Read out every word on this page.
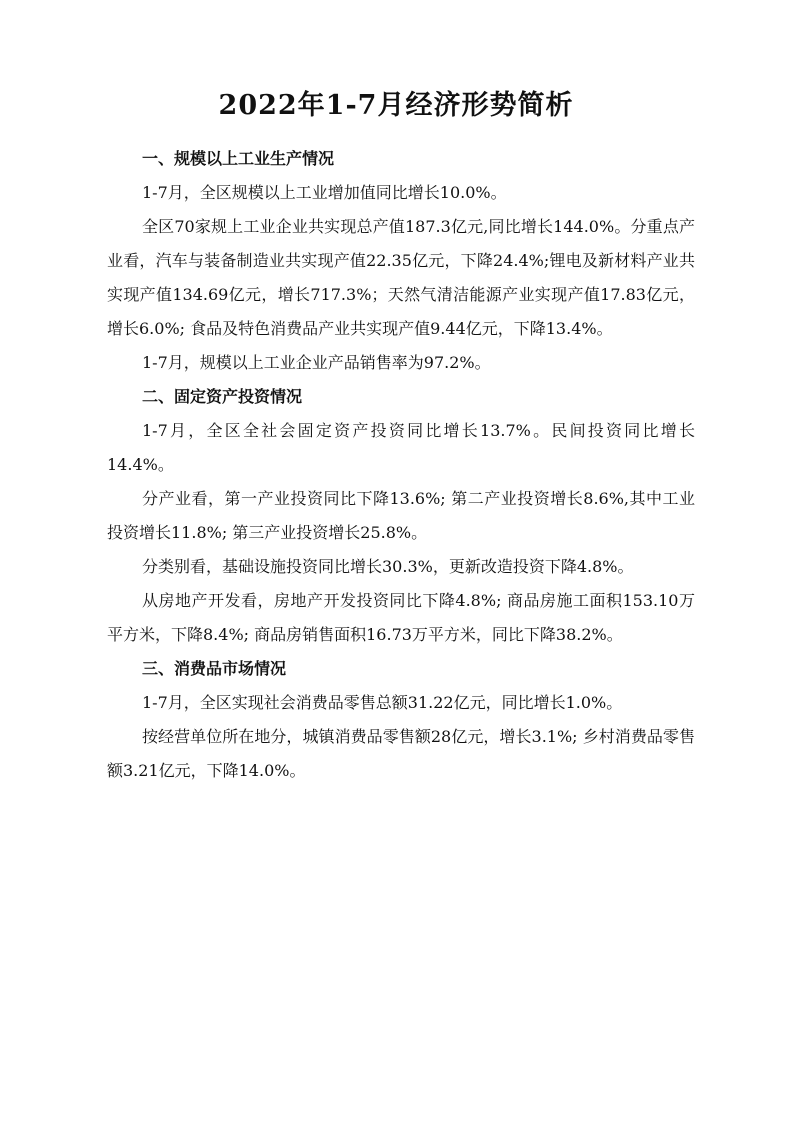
2022年1-7月经济形势简析

一、规模以上工业生产情况

1-7月，全区规模以上工业增加值同比增长10.0%。

全区70家规上工业企业共实现总产值187.3亿元,同比增长144.0%。分重点产业看，汽车与装备制造业共实现产值22.35亿元，下降24.4%;锂电及新材料产业共实现产值134.69亿元，增长717.3%；天然气清洁能源产业实现产值17.83亿元，增长6.0%; 食品及特色消费品产业共实现产值9.44亿元，下降13.4%。

1-7月，规模以上工业企业产品销售率为97.2%。

二、固定资产投资情况

1-7月，全区全社会固定资产投资同比增长13.7%。民间投资同比增长14.4%。

分产业看，第一产业投资同比下降13.6%; 第二产业投资增长8.6%,其中工业投资增长11.8%; 第三产业投资增长25.8%。

分类别看，基础设施投资同比增长30.3%，更新改造投资下降4.8%。

从房地产开发看，房地产开发投资同比下降4.8%; 商品房施工面积153.10万平方米，下降8.4%; 商品房销售面积16.73万平方米，同比下降38.2%。

三、消费品市场情况

1-7月，全区实现社会消费品零售总额31.22亿元，同比增长1.0%。

按经营单位所在地分，城镇消费品零售额28亿元，增长3.1%; 乡村消费品零售额3.21亿元，下降14.0%。
